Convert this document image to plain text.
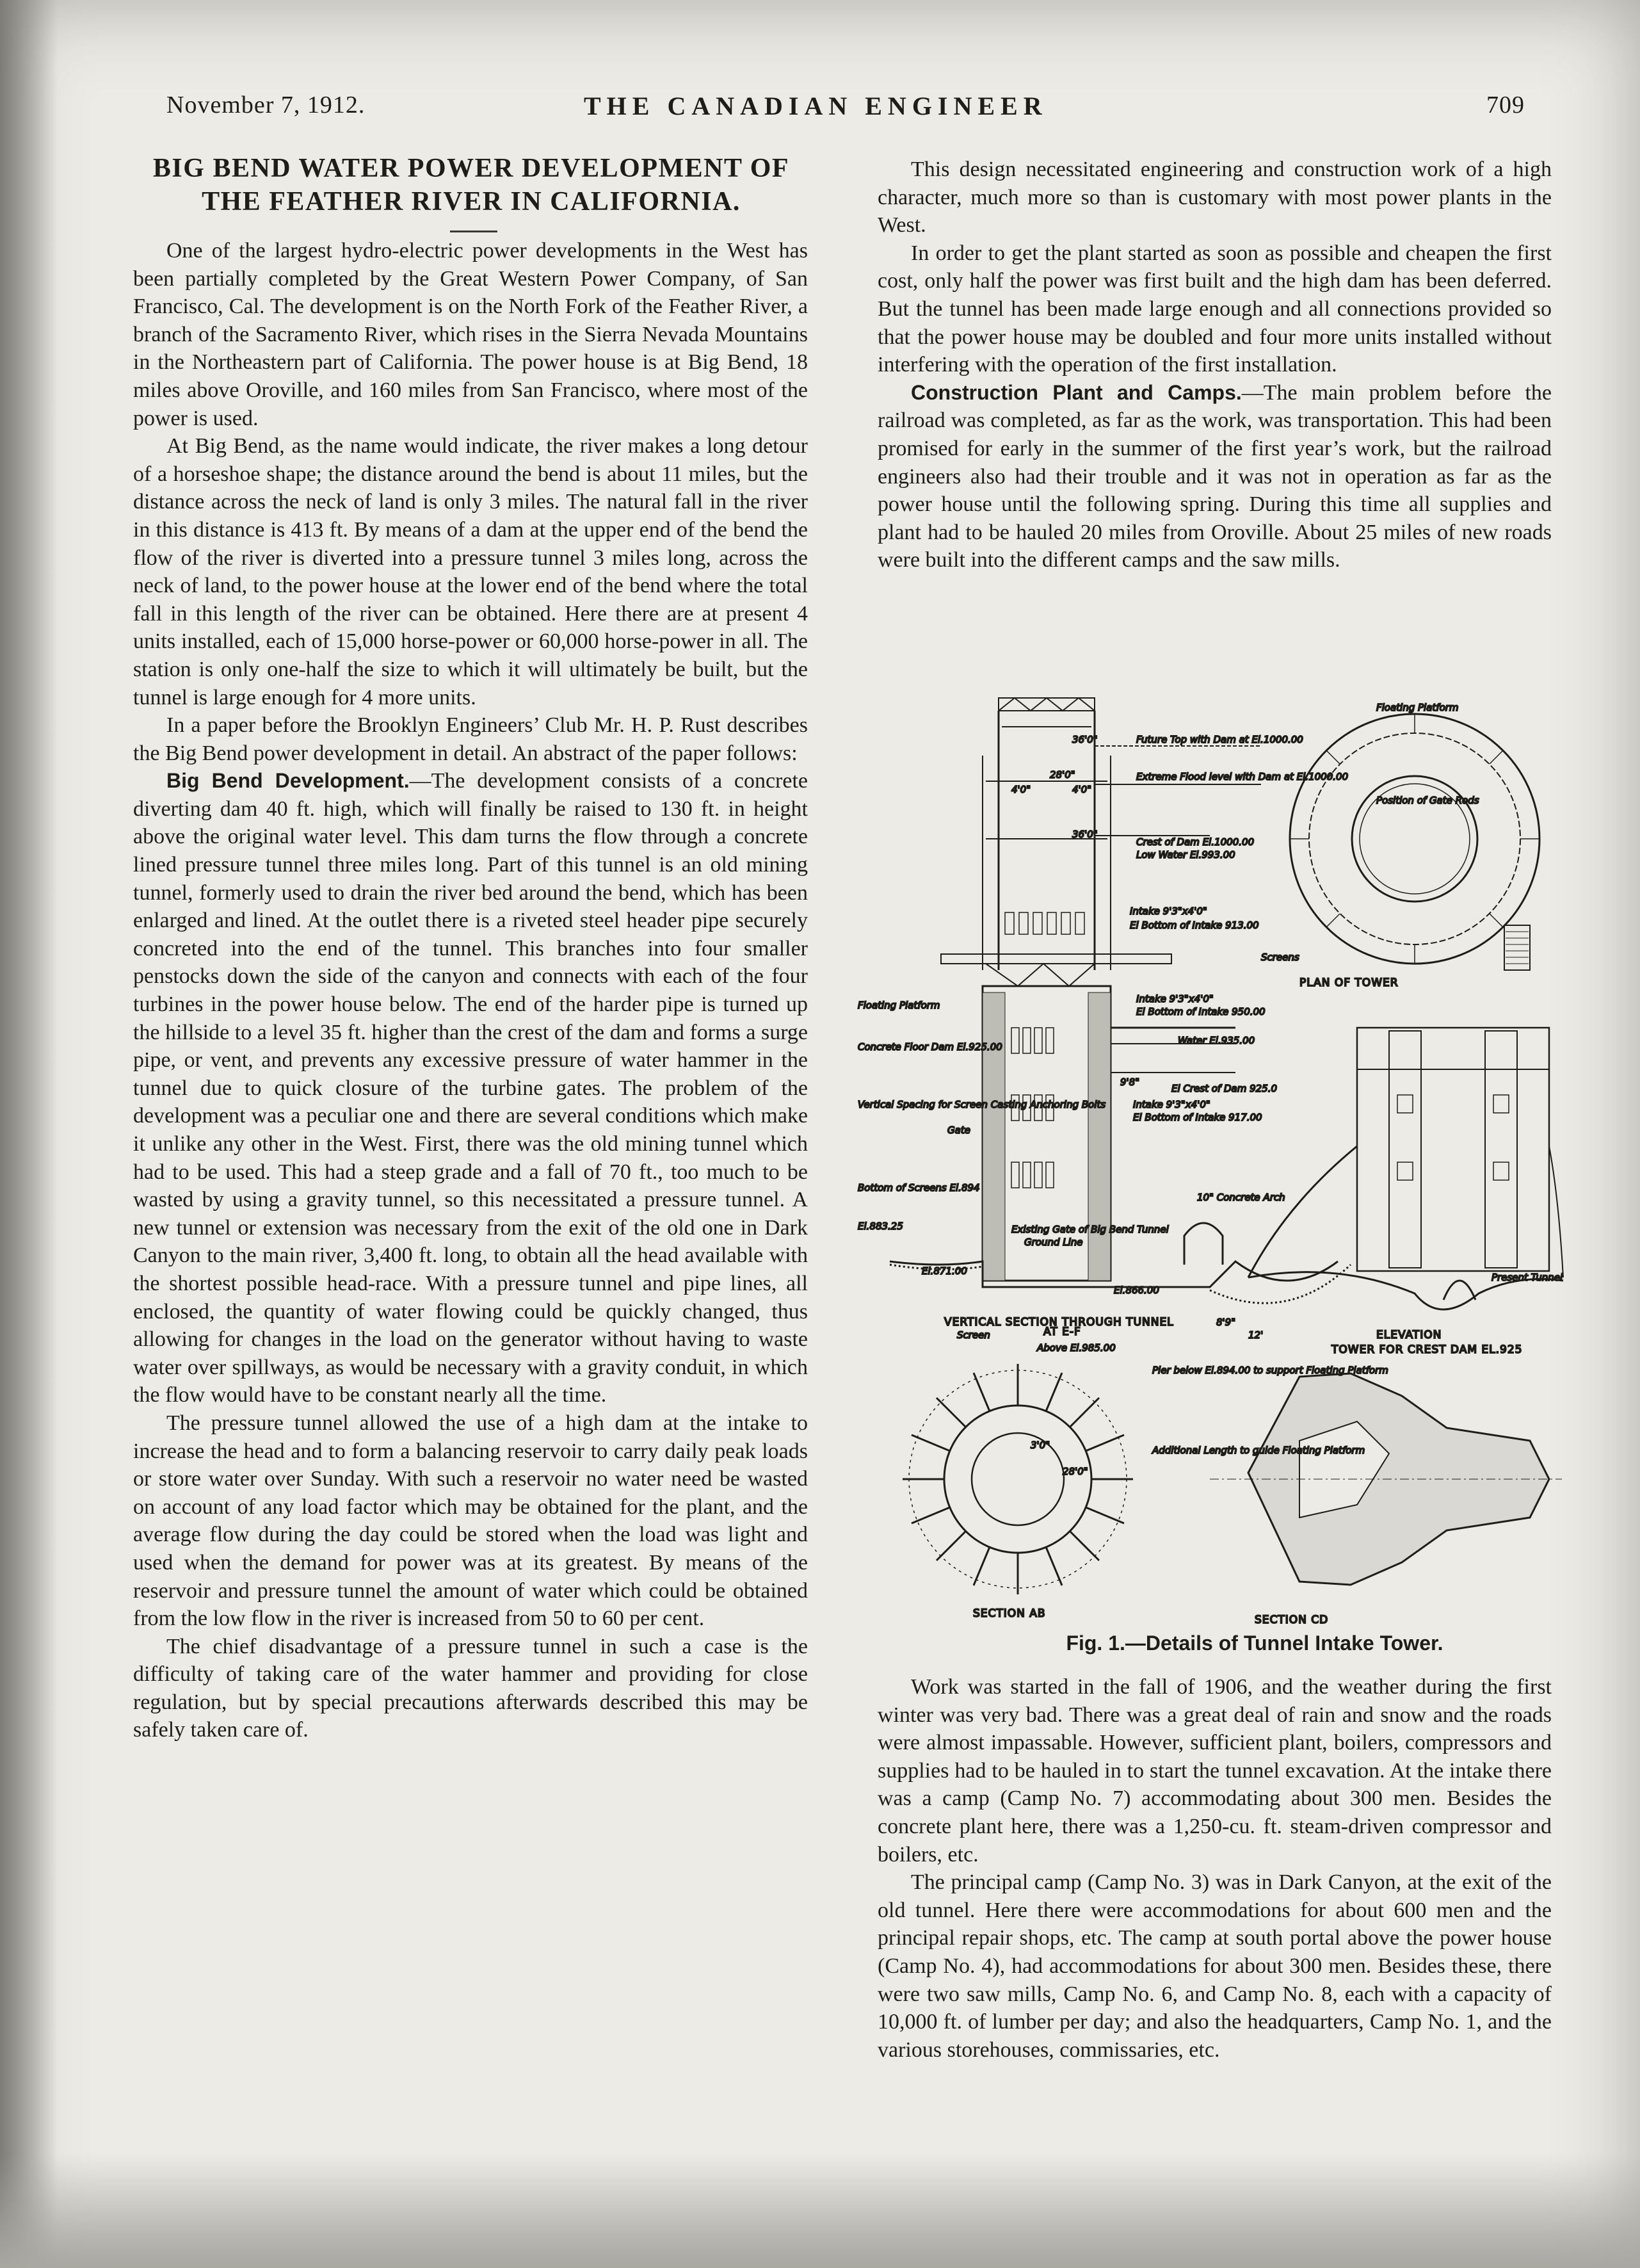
November 7, 1912.	THE CANADIAN ENGINEER	709
BIG BEND WATER POWER DEVELOPMENT OF
THE FEATHER RIVER IN CALIFORNIA.

One of the largest hydro-electric power developments in the West has been partially completed by the Great Western Power Company, of San Francisco, Cal. The development is on the North Fork of the Feather River, a branch of the Sacramento River, which rises in the Sierra Nevada Mountains in the Northeastern part of California. The power house is at Big Bend, 18 miles above Oroville, and 160 miles from San Francisco, where most of the power is used.

At Big Bend, as the name would indicate, the river makes a long detour of a horseshoe shape; the distance around the bend is about 11 miles, but the distance across the neck of land is only 3 miles. The natural fall in the river in this distance is 413 ft. By means of a dam at the upper end of the bend the flow of the river is diverted into a pressure tunnel 3 miles long, across the neck of land, to the power house at the lower end of the bend where the total fall in this length of the river can be obtained. Here there are at present 4 units installed, each of 15,000 horse-power or 60,000 horse-power in all. The station is only one-half the size to which it will ultimately be built, but the tunnel is large enough for 4 more units.

In a paper before the Brooklyn Engineers’ Club Mr. H. P. Rust describes the Big Bend power development in detail. An abstract of the paper follows:

Big Bend Development.—The development consists of a concrete diverting dam 40 ft. high, which will finally be raised to 130 ft. in height above the original water level. This dam turns the flow through a concrete lined pressure tunnel three miles long. Part of this tunnel is an old mining tunnel, formerly used to drain the river bed around the bend, which has been enlarged and lined. At the outlet there is a riveted steel header pipe securely concreted into the end of the tunnel. This branches into four smaller penstocks down the side of the canyon and connects with each of the four turbines in the power house below. The end of the harder pipe is turned up the hillside to a level 35 ft. higher than the crest of the dam and forms a surge pipe, or vent, and prevents any excessive pressure of water hammer in the tunnel due to quick closure of the turbine gates. The problem of the development was a peculiar one and there are several conditions which make it unlike any other in the West. First, there was the old mining tunnel which had to be used. This had a steep grade and a fall of 70 ft., too much to be wasted by using a gravity tunnel, so this necessitated a pressure tunnel. A new tunnel or extension was necessary from the exit of the old one in Dark Canyon to the main river, 3,400 ft. long, to obtain all the head available with the shortest possible head-race. With a pressure tunnel and pipe lines, all enclosed, the quantity of water flowing could be quickly changed, thus allowing for changes in the load on the generator without having to waste water over spillways, as would be necessary with a gravity conduit, in which the flow would have to be constant nearly all the time.

The pressure tunnel allowed the use of a high dam at the intake to increase the head and to form a balancing reservoir to carry daily peak loads or store water over Sunday. With such a reservoir no water need be wasted on account of any load factor which may be obtained for the plant, and the average flow during the day could be stored when the load was light and used when the demand for power was at its greatest. By means of the reservoir and pressure tunnel the amount of water which could be obtained from the low flow in the river is increased from 50 to 60 per cent.

The chief disadvantage of a pressure tunnel in such a case is the difficulty of taking care of the water hammer and providing for close regulation, but by special precautions afterwards described this may be safely taken care of.

This design necessitated engineering and construction work of a high character, much more so than is customary with most power plants in the West.

In order to get the plant started as soon as possible and cheapen the first cost, only half the power was first built and the high dam has been deferred. But the tunnel has been made large enough and all connections provided so that the power house may be doubled and four more units installed without interfering with the operation of the first installation.

Construction Plant and Camps.—The main problem before the railroad was completed, as far as the work, was transportation. This had been promised for early in the summer of the first year’s work, but the railroad engineers also had their trouble and it was not in operation as far as the power house until the following spring. During this time all supplies and plant had to be hauled 20 miles from Oroville. About 25 miles of new roads were built into the different camps and the saw mills.

36'0"	Future Top with Dam at El.1000.00
28'0"
4'0"	4'0"
Extreme Flood level with Dam at El.1000.00
36'0"
Crest of Dam El.1000.00
Low Water El.993.00
Intake 9'3"x4'0"
El Bottom of Intake 913.00
Floating Platform
Concrete Floor Dam El.925.00
Intake 9'3"x4'0"
El Bottom of Intake 950.00
Water El.935.00
El Crest of Dam 925.0
Intake 9'3"x4'0"
El Bottom of Intake 917.00
Vertical Spacing for Screen Casting Anchoring Bolts
Gate
9'8"
Bottom of Screens El.894
El.883.25	Existing Gate of Big Bend Tunnel
Ground Line
El.871.00
El.866.00
10" Concrete Arch
Present Tunnel
VERTICAL SECTION THROUGH TUNNEL
AT E-F
Screen
Above El.985.00
8'9"
12'	ELEVATION
TOWER FOR CREST DAM EL.925
Floating Platform
Position of Gate Rods
Screens
PLAN OF TOWER
3'0"
28'0"
Pier below El.894.00 to support Floating Platform
Additional Length to guide Floating Platform
SECTION AB	SECTION CD
Fig. 1.—Details of Tunnel Intake Tower.

Work was started in the fall of 1906, and the weather during the first winter was very bad. There was a great deal of rain and snow and the roads were almost impassable. However, sufficient plant, boilers, compressors and supplies had to be hauled in to start the tunnel excavation. At the intake there was a camp (Camp No. 7) accommodating about 300 men. Besides the concrete plant here, there was a 1,250-cu. ft. steam-driven compressor and boilers, etc.

The principal camp (Camp No. 3) was in Dark Canyon, at the exit of the old tunnel. Here there were accommodations for about 600 men and the principal repair shops, etc. The camp at south portal above the power house (Camp No. 4), had accommodations for about 300 men. Besides these, there were two saw mills, Camp No. 6, and Camp No. 8, each with a capacity of 10,000 ft. of lumber per day; and also the headquarters, Camp No. 1, and the various storehouses, commissaries, etc.
